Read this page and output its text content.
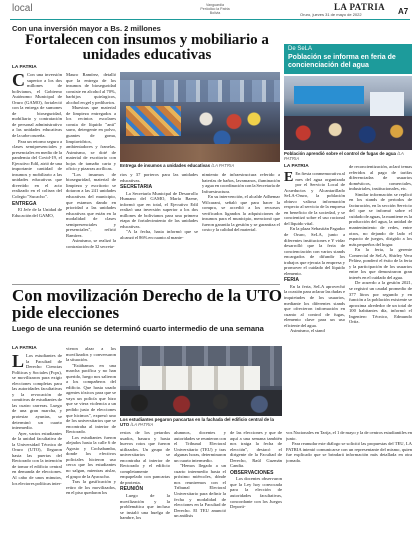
local	Vanguardia
Periódico la Patria Bolivia
LA PATRIA
Oruro, jueves 31 de mayo de 2022	A7
Con una inversión mayor a Bs. 2 millones
Fortalecen con insumos y mobiliario a unidades educativas
LA PATRIA

C Con una inversión superior a los dos millones de bolivianos, el Gobierno Autónomo Municipal de Oruro (GAMO), fortaleció con la entrega de sumones de bioseguridad, mobiliario y contratación de personal administrativo a las unidades educativas de la urbe orureña.

Para un retorno seguro a clases semipresenciales y presenciales en medio de la pandemia del Covid-19, el Ejecutivo Edil, atrió de una importante cantidad de insumos y mobiliario a las unidades educativas que divertido en el acto realizado en el colisea del Colegio "Sucacho".

ENTREGA

El Jefe de la Unidad de Educación del GAMO,

Mauro Ramírez, detalló que la entrega de los insumos de bioseguridad consiste en alcohol al 70%, barbijos quirúrgicos, alcohol en gel y pediluvios.

Muestras que material de limpieza entregados a los recintos escolares consta de líquido "anti" sarro, detergente en polvo, guantes de goma, limpiavidrios, ambientadores y franelas. Asimismo, se doté de material de escritorio con hojas de tamaño carta y oficio y pizarras acrílicas.

"Los insumos de bioseguridad, material de limpieza y escritorio se dotaron a las 241 unidades educativas del municipio, que estamos dando en prioridad a las unidades educativas que están en la modalidad de clases semipresenciales y presenciales", refirió Ramírez.

Asimismo, se realizó la contratación de 32 secreta-

Entrega de insumos a unidades educativas /LA PATRIA

rios y 37 porteros para las unidades educativas.

SECRETARIA

La Secretaría Municipal de Desarrollo Humano del GAMO, María Baene, informó que en total, el Ejecutivo Edil realizó una inversión superior a los dos millones de bolivianos para una primera etapa de fortalecimiento de las unidades educativas.

"A la fecha, hasta informó que se alcanzó el 86% en cuanto al mante-

nimiento de infraestructura referido a baterías de baños, lavamanos, iluminación y agua en coordinación con la Secretaría de Infraestructura.

En su intervención, el alcalde Adhemar Wilcarani, señaló que para hacer la compra, se accedió a los recursos verificados ligandos la adquisiciones de insumos para el municipio, mencionó que fueron garantía la gestión y se garantiza el costo y la calidad del material.

De SeLA
Población se informa en feria de concienciación del agua
Población aprendió sobre el control de fugas de agua /LA PATRIA
LA PATRIA

E En fiesta conmemorativa al mes del agua organizada por el Servicio Local de Acueductos y Alcantarillado SeLA-Oruro, la población obtuvo valiosa información respecto al servicio de la empresa en beneficio de la sociedad, y se concientizó sobre el uso racional del líquido vital.

En la plaza Sebastián Pagador de Oruro, SeLA, junto a diferentes instituciones e Y vidar desarrolló que la feria de concienciación con varios stands encargados de difundir los trabajos que ejecuta la empresa y promover el cuidado del líquido elemento.

FERIA

En la feria, SeLA aprovechó la ocasión para aclarar las dudas e inquietudes de los usuarios, mediante los diferentes stands que ofrecieron información en cuanto al control de fugas, elemento clave para un uso eficiente del agua.

Asimismo, el stand

de reconcientización, aclaró temas referidos al pago de tarifas diferenciadas de usuarios domésticos, comerciales, industriales, institucionales, etc.

Similar información se replicó en los stands de periodos de facturación, en la sección Servicio del que se informó sobre el cuidado de aguas, la mantiene es la producción del agua, la unidad de mantenimiento de redes, entre otros, no dejando de lado el espacio de juegos, dirigido a los más pequeños del hogar.

En la feria, la gerente Comercial de SeLA, Shirley Vera Peláez, ponderó el éxito de la feria y la participación de los usuarios entre los que demostraron gran interés en el cuidado del agua.

De acuerdo a la gestión 2021, se registró un caudal promedio de 377 litros por segundo y en función a la población existente se aproxima alrededor de un total de 100 habitantes día, informó el Ingeniero Técnico, Edmundo Ortiz.

Con movilización Derecho de la UTO pide elecciones
Luego de una reunión se determinó cuarto intermedio de una semana
LA PATRIA

L Los estudiantes de la Facultad de Derecho Ciencias Políticas y Sociales (Fcps), se movilizaron para exigir elecciones completas para las autoridades facultativas y la revocación de comitivas de estudiantes de las cuatro carreras. Luego de una gran marcha, y protestar ayunias, se determinó un cuarto intermedio.

Ayer, varios estudiantes de la unidad facultativa de la Universidad Técnica de Oruro (UTO), llegaron hasta las puertas del Rectorado con la intención de tomar el edificio central en demanda de elecciones. Al cabo de unos minutos, los electores políticas inter-

vieron alzar a los movilizados y conversaron la situación.

"Estábamos en una marcha pacífica y no han querido, luego nos salieron a los compañeros del edificio. Que hasta usado agentes tóxicos para que se vaya un policía que hizo que se viera violencia a un pedido justo de elecciones que hicimos", expresó uno de los universitarios que se encontraba al interior de Rectorado.

Los estudiantes fueron alejados hasta la calle 6 de Agosto y Cochabamba, donde los efectivos policiales hicieron uso cerca que los estudiantes no salgan, mientras aislar, el grupo de la Ayacucho.

Tras la gasificación y retiro de los movilizados, en el piso quedaron los

Los estudiantes pegaron pancartas en la fachada del edificio central de la UTO /LA PATRIA

restos de los petardos usados, basura y hasta huevos rotos que fueron utilizados. Un grupo de universitarios se encontraba al interior de Rectorado y el edificio completamente empapelado con pancartas de protesta.

REUNIÓN

Luego de la movilización y la problemática que incluso se instaló una huelga de hambre, los

alumnos, docentes y autoridades se reunieron con el Tribunal Electoral Universitario (TEU) y tras algunas horas, determinaron un cuarto intermedio.

"Hemos llegado a un cuarto intermedio hasta el próximo miércoles, dónde nos reuniremos con el Tribunal Electoral Universitario para definir la fecha y modalidad de elecciones en la Facultad de Derecho. El TEU anunció un análisis

de las elecciones y que de aquí a una semana también nos traiga la fecha de elección", destacó el dirigente de la Facultad de Derecho, Raúl Guzmán Candia.

OBSERVACIONES

Los docentes observaron que la Ley hoy convocada para la elección de autoridades facultativas, concordante con los Juegos Deporti-

vos Nacionales en Tarija, el 1 de mayo y la de centros estudiantiles en junio.

Para reanudar este diálogo se solicitó las propuestas del TEU, LA PATRIA intentó comunicarse con un representante del mismo, quien fue explicado que se brindará información más detallada en otra jornada.
